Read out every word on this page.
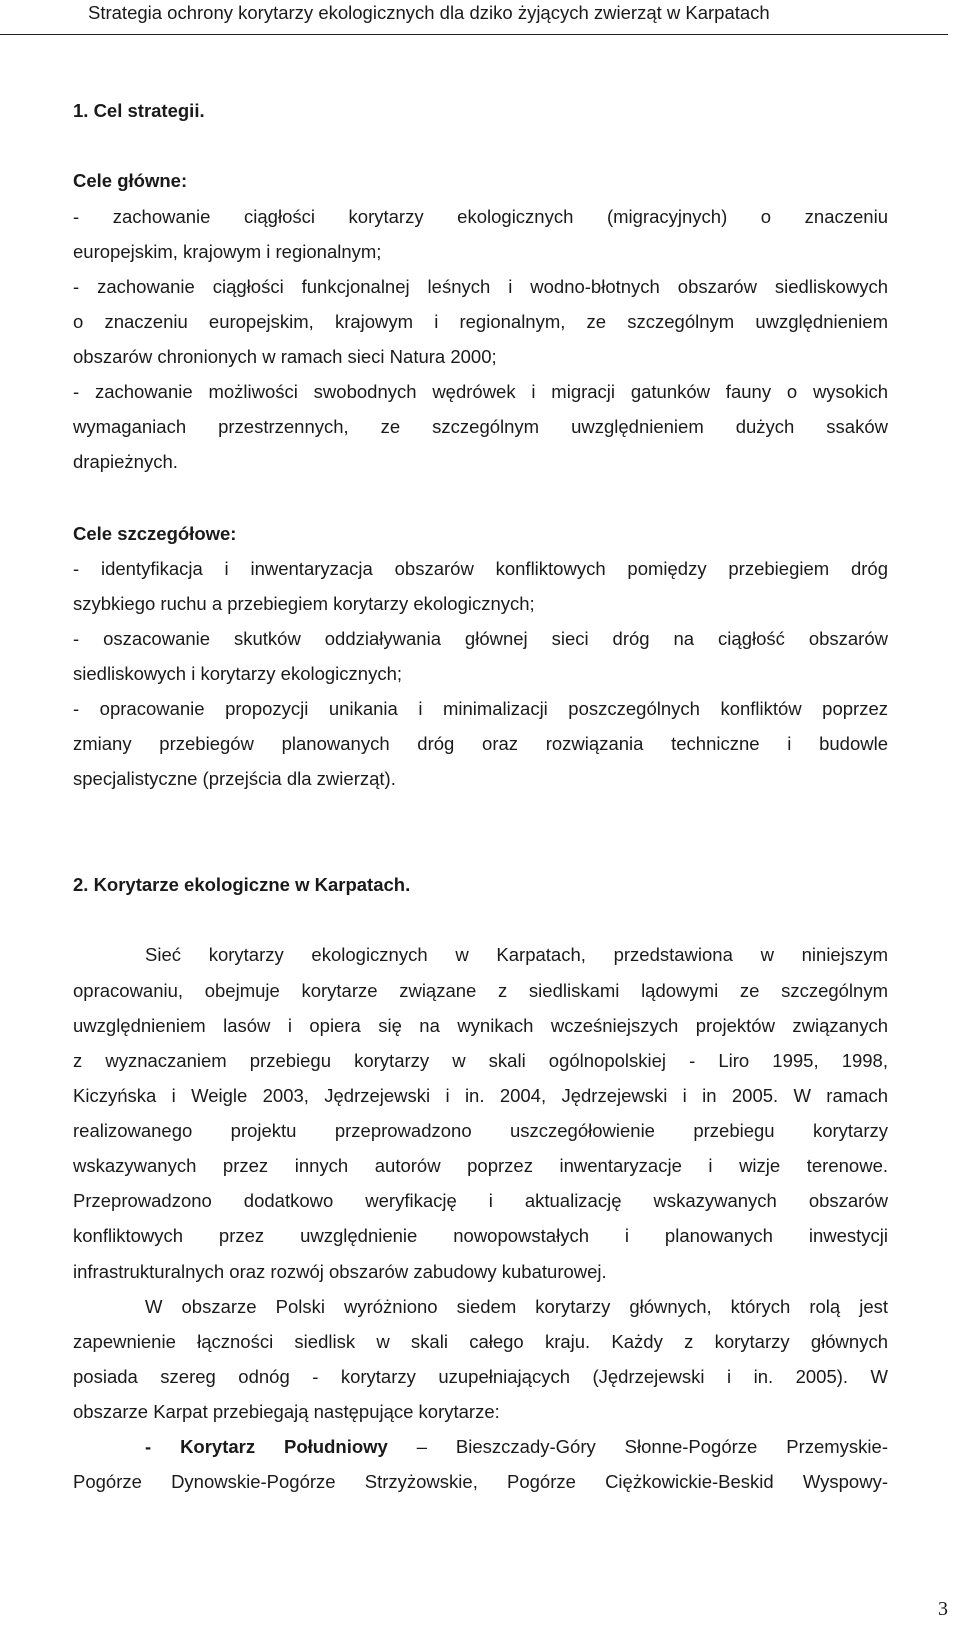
Strategia ochrony korytarzy ekologicznych dla dziko żyjących zwierząt w Karpatach
1. Cel strategii.
Cele główne:
- zachowanie ciągłości korytarzy ekologicznych (migracyjnych) o znaczeniu
europejskim, krajowym i regionalnym;
- zachowanie ciągłości funkcjonalnej leśnych i wodno-błotnych obszarów siedliskowych
o znaczeniu europejskim, krajowym i regionalnym, ze szczególnym uwzględnieniem
obszarów chronionych w ramach sieci Natura 2000;
- zachowanie możliwości swobodnych wędrówek i migracji gatunków fauny o wysokich
wymaganiach przestrzennych, ze szczególnym uwzględnieniem dużych ssaków
drapieżnych.
Cele szczegółowe:
- identyfikacja i inwentaryzacja obszarów konfliktowych pomiędzy przebiegiem dróg
szybkiego ruchu a przebiegiem korytarzy ekologicznych;
- oszacowanie skutków oddziaływania głównej sieci dróg na ciągłość obszarów
siedliskowych i korytarzy ekologicznych;
- opracowanie propozycji unikania i minimalizacji poszczególnych konfliktów poprzez
zmiany przebiegów planowanych dróg oraz rozwiązania techniczne i budowle
specjalistyczne (przejścia dla zwierząt).
2. Korytarze ekologiczne w Karpatach.
Sieć korytarzy ekologicznych w Karpatach, przedstawiona w niniejszym
opracowaniu, obejmuje korytarze związane z siedliskami lądowymi ze szczególnym
uwzględnieniem lasów i opiera się na wynikach wcześniejszych projektów związanych
z wyznaczaniem przebiegu korytarzy w skali ogólnopolskiej - Liro 1995, 1998,
Kiczyńska i Weigle 2003, Jędrzejewski i in. 2004, Jędrzejewski i in 2005. W ramach
realizowanego projektu przeprowadzono uszczegółowienie przebiegu korytarzy
wskazywanych przez innych autorów poprzez inwentaryzacje i wizje terenowe.
Przeprowadzono dodatkowo weryfikację i aktualizację wskazywanych obszarów
konfliktowych przez uwzględnienie nowopowstałych i planowanych inwestycji
infrastrukturalnych oraz rozwój obszarów zabudowy kubaturowej.
W obszarze Polski wyróżniono siedem korytarzy głównych, których rolą jest
zapewnienie łączności siedlisk w skali całego kraju. Każdy z korytarzy głównych
posiada szereg odnóg - korytarzy uzupełniających (Jędrzejewski i in. 2005). W
obszarze Karpat przebiegają następujące korytarze:
- Korytarz Południowy – Bieszczady-Góry Słonne-Pogórze Przemyskie-
Pogórze Dynowskie-Pogórze Strzyżowskie, Pogórze Ciężkowickie-Beskid Wyspowy-
3
